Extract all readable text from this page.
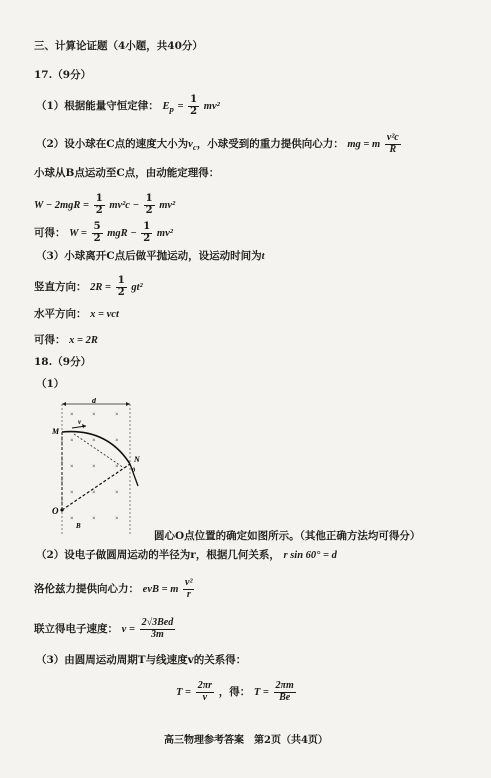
三、计算论证题（4小题，共40分）
17.（9分）
（1）根据能量守恒定律： $E_p = \frac{1}{2} mv^2$
（2）设小球在C点的速度大小为$v_c$，小球受到的重力提供向心力： mg = m $\frac{\text{v²c}}{R}$
小球从B点运动至C点，由动能定理得：
$W - 2mgR = \frac{1}{2} mv^2c - \frac{1}{2} mv^2$
可得： $W = \frac{5}{2}$ mgR − $\frac{1}{2} mv^2$
（3）小球离开C点后做平抛运动，设运动时间为t
竖直方向： $2R = \frac{1}{2} gt^2$
水平方向： x = vct
可得： x = 2R
18.（9分）
（1）
d
×	×	×
×	×	×
×	×	×
×	×	×
×	×	×
M
v
N
θ
O
B
圆心O点位置的确定如图所示。（其他正确方法均可得分）
（2）设电子做圆周运动的半径为r，根据几何关系， r sin 60° = d
洛伦兹力提供向心力： evB = m $\frac{\text{v²}}{r}$
联立得电子速度： $v = \frac{\text{2√3Bed}}{3m}$
（3）由圆周运动周期T与线速度v的关系得：
$T = \frac{2\pi r}{v}$ ，得： $T = \frac{2\pi m}{Be}$
高三物理参考答案　第2页（共4页）
